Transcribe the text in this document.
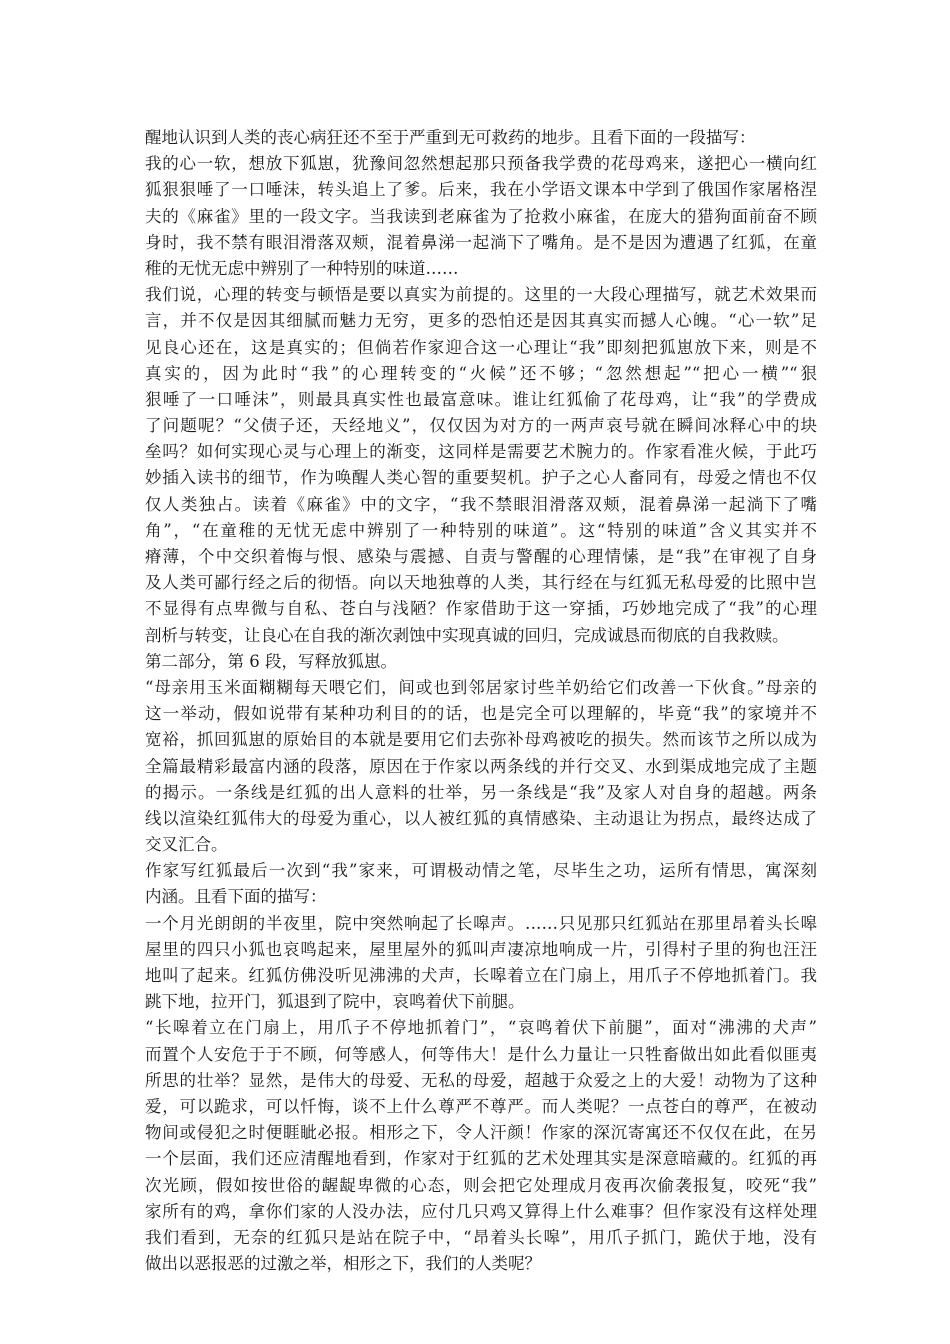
醒地认识到人类的丧心病狂还不至于严重到无可救药的地步。且看下面的一段描写：
我的心一软，想放下狐崽，犹豫间忽然想起那只预备我学费的花母鸡来，遂把心一横向红
狐狠狠唾了一口唾沫，转头追上了爹。后来，我在小学语文课本中学到了俄国作家屠格涅
夫的《麻雀》里的一段文字。当我读到老麻雀为了抢救小麻雀，在庞大的猎狗面前奋不顾
身时，我不禁有眼泪滑落双颊，混着鼻涕一起淌下了嘴角。是不是因为遭遇了红狐，在童
稚的无忧无虑中辨别了一种特别的味道……
我们说，心理的转变与顿悟是要以真实为前提的。这里的一大段心理描写，就艺术效果而
言，并不仅是因其细腻而魅力无穷，更多的恐怕还是因其真实而撼人心魄。“心一软”足
见良心还在，这是真实的；但倘若作家迎合这一心理让“我”即刻把狐崽放下来，则是不
真实的，因为此时“我”的心理转变的“火候”还不够；“忽然想起”“把心一横”“狠
狠唾了一口唾沫”，则最具真实性也最富意味。谁让红狐偷了花母鸡，让“我”的学费成
了问题呢？“父债子还，天经地义”，仅仅因为对方的一两声哀号就在瞬间冰释心中的块
垒吗？如何实现心灵与心理上的渐变，这同样是需要艺术腕力的。作家看准火候，于此巧
妙插入读书的细节，作为唤醒人类心智的重要契机。护子之心人畜同有，母爱之情也不仅
仅人类独占。读着《麻雀》中的文字，“我不禁眼泪滑落双颊，混着鼻涕一起淌下了嘴
角”，“在童稚的无忧无虑中辨别了一种特别的味道”。这“特别的味道”含义其实并不
瘠薄，个中交织着悔与恨、感染与震撼、自责与警醒的心理情愫，是“我”在审视了自身
及人类可鄙行经之后的彻悟。向以天地独尊的人类，其行经在与红狐无私母爱的比照中岂
不显得有点卑微与自私、苍白与浅陋？作家借助于这一穿插，巧妙地完成了“我”的心理
剖析与转变，让良心在自我的渐次剥蚀中实现真诚的回归，完成诚恳而彻底的自我救赎。
第二部分，第 6 段，写释放狐崽。
“母亲用玉米面糊糊每天喂它们，间或也到邻居家讨些羊奶给它们改善一下伙食。”母亲的
这一举动，假如说带有某种功利目的的话，也是完全可以理解的，毕竟“我”的家境并不
宽裕，抓回狐崽的原始目的本就是要用它们去弥补母鸡被吃的损失。然而该节之所以成为
全篇最精彩最富内涵的段落，原因在于作家以两条线的并行交叉、水到渠成地完成了主题
的揭示。一条线是红狐的出人意料的壮举，另一条线是“我”及家人对自身的超越。两条
线以渲染红狐伟大的母爱为重心，以人被红狐的真情感染、主动退让为拐点，最终达成了
交叉汇合。
作家写红狐最后一次到“我”家来，可谓极动情之笔，尽毕生之功，运所有情思，寓深刻
内涵。且看下面的描写：
一个月光朗朗的半夜里，院中突然响起了长嗥声。……只见那只红狐站在那里昂着头长嗥
屋里的四只小狐也哀鸣起来，屋里屋外的狐叫声凄凉地响成一片，引得村子里的狗也汪汪
地叫了起来。红狐仿佛没听见沸沸的犬声，长嗥着立在门扇上，用爪子不停地抓着门。我
跳下地，拉开门，狐退到了院中，哀鸣着伏下前腿。
“长嗥着立在门扇上，用爪子不停地抓着门”，“哀鸣着伏下前腿”，面对“沸沸的犬声”
而置个人安危于于不顾，何等感人，何等伟大！是什么力量让一只牲畜做出如此看似匪夷
所思的壮举？显然，是伟大的母爱、无私的母爱，超越于众爱之上的大爱！动物为了这种
爱，可以跪求，可以忏悔，谈不上什么尊严不尊严。而人类呢？一点苍白的尊严，在被动
物间或侵犯之时便睚眦必报。相形之下，令人汗颜！作家的深沉寄寓还不仅仅在此，在另
一个层面，我们还应清醒地看到，作家对于红狐的艺术处理其实是深意暗藏的。红狐的再
次光顾，假如按世俗的龌龊卑微的心态，则会把它处理成月夜再次偷袭报复，咬死“我”
家所有的鸡，拿你们家的人没办法，应付几只鸡又算得上什么难事？但作家没有这样处理
我们看到，无奈的红狐只是站在院子中，“昂着头长嗥”，用爪子抓门，跪伏于地，没有
做出以恶报恶的过激之举，相形之下，我们的人类呢？
